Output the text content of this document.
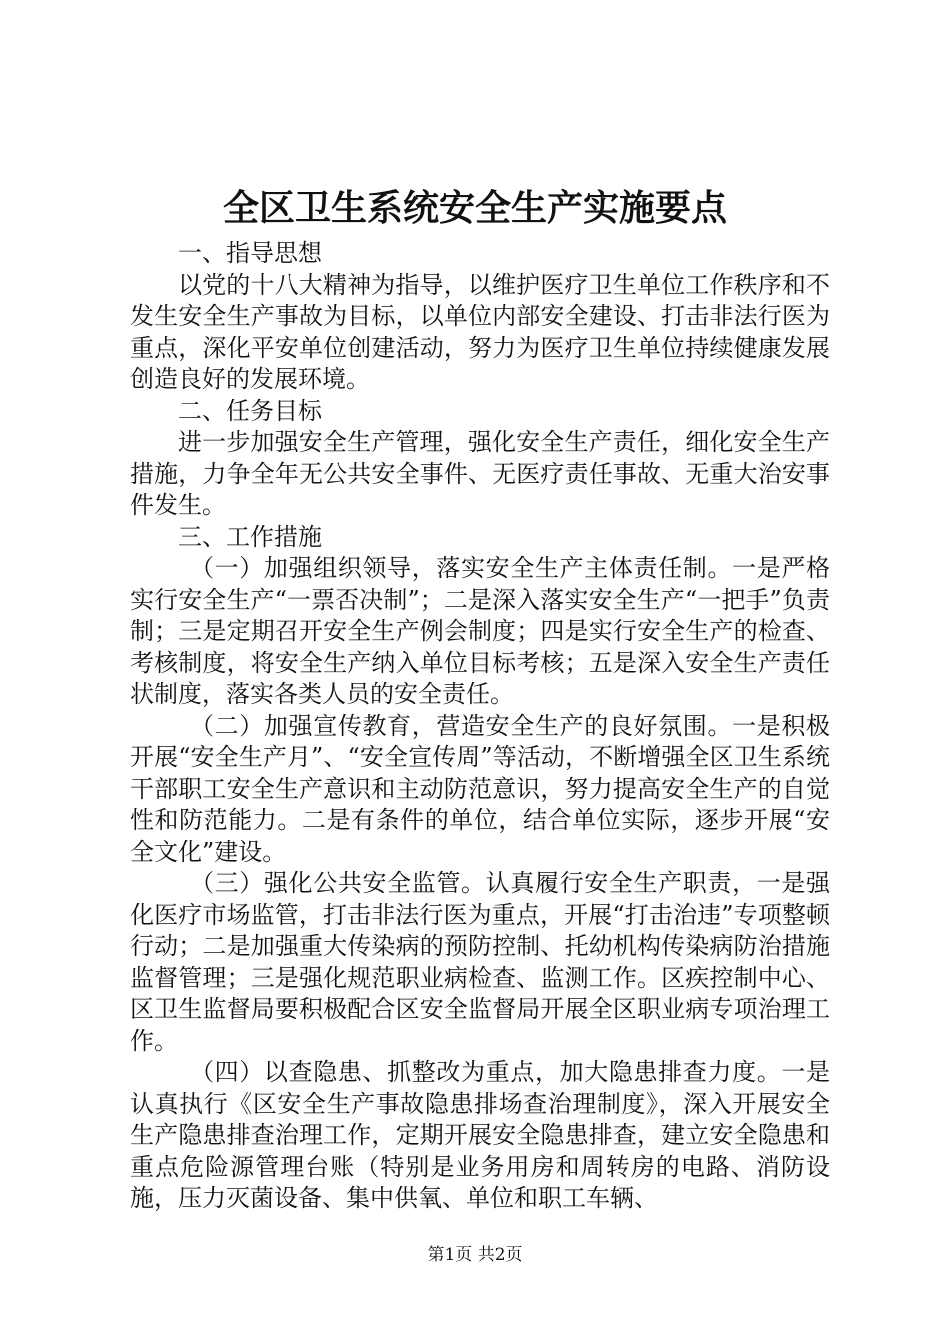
全区卫生系统安全生产实施要点

一、指导思想

以党的十八大精神为指导，以维护医疗卫生单位工作秩序和不发生安全生产事故为目标，以单位内部安全建设、打击非法行医为重点，深化平安单位创建活动，努力为医疗卫生单位持续健康发展创造良好的发展环境。

二、任务目标

进一步加强安全生产管理，强化安全生产责任，细化安全生产措施，力争全年无公共安全事件、无医疗责任事故、无重大治安事件发生。

三、工作措施

（一）加强组织领导，落实安全生产主体责任制。一是严格实行安全生产“一票否决制”；二是深入落实安全生产“一把手”负责制；三是定期召开安全生产例会制度；四是实行安全生产的检查、考核制度，将安全生产纳入单位目标考核；五是深入安全生产责任状制度，落实各类人员的安全责任。

（二）加强宣传教育，营造安全生产的良好氛围。一是积极开展“安全生产月”、“安全宣传周”等活动，不断增强全区卫生系统干部职工安全生产意识和主动防范意识，努力提高安全生产的自觉性和防范能力。二是有条件的单位，结合单位实际，逐步开展“安全文化”建设。

（三）强化公共安全监管。认真履行安全生产职责，一是强化医疗市场监管，打击非法行医为重点，开展“打击治违”专项整顿行动；二是加强重大传染病的预防控制、托幼机构传染病防治措施监督管理；三是强化规范职业病检查、监测工作。区疾控制中心、区卫生监督局要积极配合区安全监督局开展全区职业病专项治理工作。

（四）以查隐患、抓整改为重点，加大隐患排查力度。一是认真执行《区安全生产事故隐患排场查治理制度》，深入开展安全生产隐患排查治理工作，定期开展安全隐患排查，建立安全隐患和重点危险源管理台账（特别是业务用房和周转房的电路、消防设施，压力灭菌设备、集中供氧、单位和职工车辆、

第1页 共2页
